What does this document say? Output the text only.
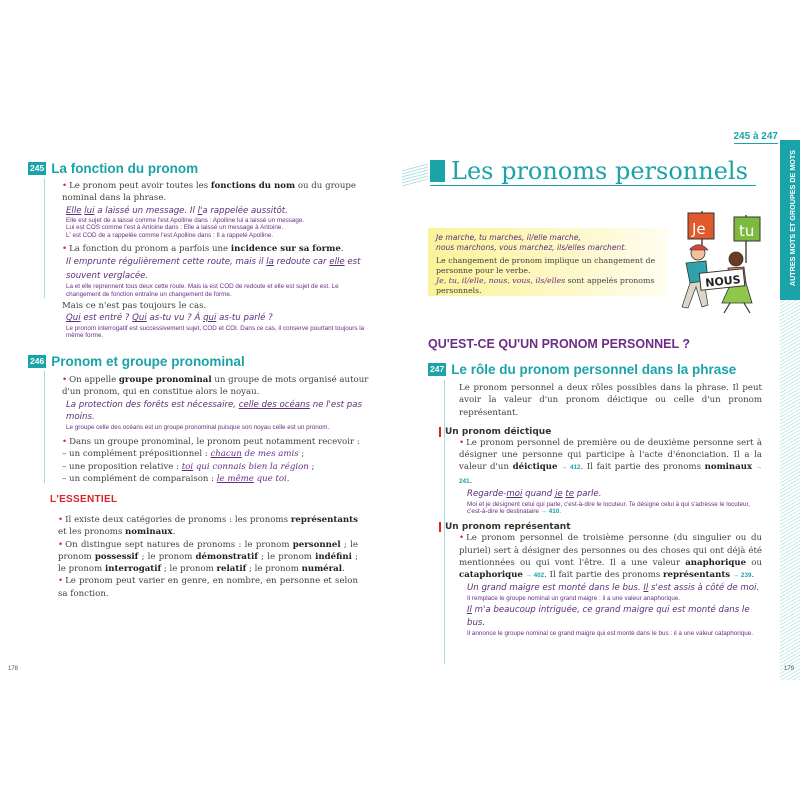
245 La fonction du pronom

• Le pronom peut avoir toutes les fonctions du nom ou du groupe nominal dans la phrase.

Elle lui a laissé un message. Il l'a rappelée aussitôt.

Elle est sujet de a laissé comme l'est Apolline dans : Apolline lui a laissé un message.

Lui est COS comme l'est à Antoine dans : Elle a laissé un message à Antoine.

L' est COD de a rappelée comme l'est Apolline dans : Il a rappelé Apolline.

• La fonction du pronom a parfois une incidence sur sa forme.

Il emprunte régulièrement cette route, mais il la redoute car elle est souvent verglacée.

La et elle reprennent tous deux cette route. Mais la est COD de redoute et elle est sujet de est. Le changement de fonction entraîne un changement de forme.

Mais ce n'est pas toujours le cas.

Qui est entré ? Qui as-tu vu ? À qui as-tu parlé ?

Le pronom interrogatif est successivement sujet, COD et COI. Dans ce cas, il conserve pourtant toujours la même forme.

246 Pronom et groupe pronominal

• On appelle groupe pronominal un groupe de mots organisé autour d'un pronom, qui en constitue alors le noyau.

La protection des forêts est nécessaire, celle des océans ne l'est pas moins.

Le groupe celle des océans est un groupe pronominal puisque son noyau celle est un pronom.

• Dans un groupe pronominal, le pronom peut notamment recevoir :

– un complément prépositionnel : chacun de mes amis ;

– une proposition relative : toi qui connais bien la région ;

– un complément de comparaison : le même que toi.

L'ESSENTIEL

• Il existe deux catégories de pronoms : les pronoms représentants et les pronoms nominaux.

• On distingue sept natures de pronoms : le pronom personnel ; le pronom possessif ; le pronom démonstratif ; le pronom indéfini ; le pronom interrogatif ; le pronom relatif ; le pronom numéral.

• Le pronom peut varier en genre, en nombre, en personne et selon sa fonction.

178
245 à 247
Les pronoms personnels	AUTRES MOTS ET GROUPES DE MOTS

Je marche, tu marches, il/elle marche,

nous marchons, vous marchez, ils/elles marchent.

Le changement de pronom implique un changement de personne pour le verbe.

Je, tu, il/elle, nous, vous, ils/elles sont appelés pronoms personnels.

Je tu
NOUS
QU'EST-CE QU'UN PRONOM PERSONNEL ?
247 Le rôle du pronom personnel dans la phrase

Le pronom personnel a deux rôles possibles dans la phrase. Il peut avoir la valeur d'un pronom déictique ou celle d'un pronom représentant.

Un pronom déictique

• Le pronom personnel de première ou de deuxième personne sert à désigner une personne qui participe à l'acte d'énonciation. Il a la valeur d'un déictique → 412. Il fait partie des pronoms nominaux → 241.

Regarde-moi quand je te parle.

Moi et je désignent celui qui parle, c'est-à-dire le locuteur. Te désigne celui à qui s'adresse le locuteur, c'est-à-dire le destinataire → 410.

Un pronom représentant

• Le pronom personnel de troisième personne (du singulier ou du pluriel) sert à désigner des personnes ou des choses qui ont déjà été mentionnées ou qui vont l'être. Il a une valeur anaphorique ou cataphorique → 402. Il fait partie des pronoms représentants → 239.

Un grand maigre est monté dans le bus. Il s'est assis à côté de moi.

Il remplace le groupe nominal un grand maigre : il a une valeur anaphorique.

Il m'a beaucoup intriguée, ce grand maigre qui est monté dans le bus.

Il annonce le groupe nominal ce grand maigre qui est monté dans le bus : il a une valeur cataphorique.

179
